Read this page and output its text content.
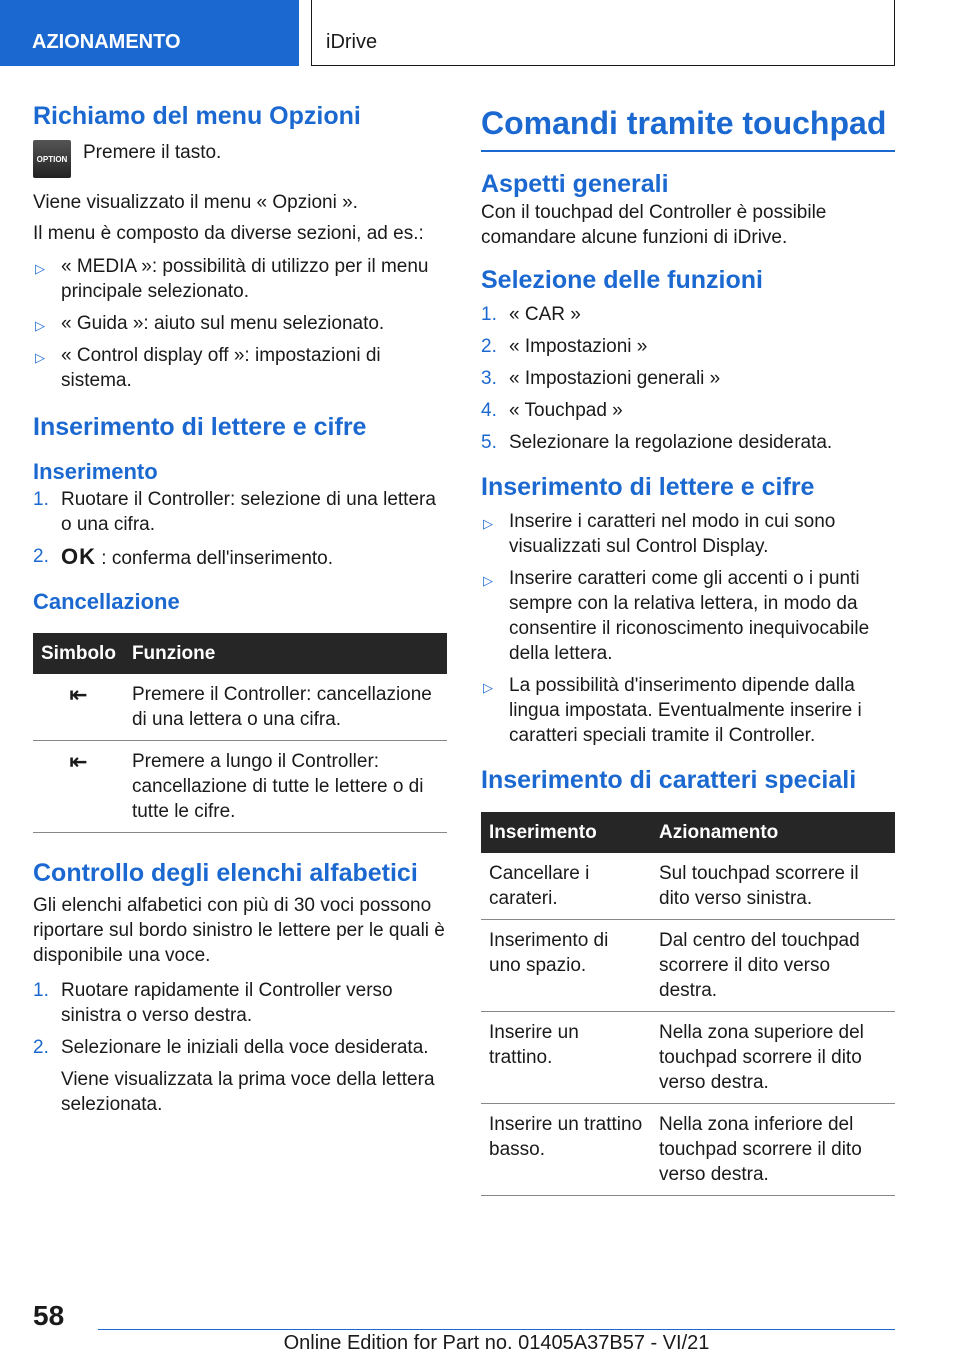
AZIONAMENTO	iDrive
Richiamo del menu Opzioni
OPTION Premere il tasto.

Viene visualizzato il menu « Opzioni ».

Il menu è composto da diverse sezioni, ad es.:

▷ « MEDIA »: possibilità di utilizzo per il menu principale selezionato.
▷ « Guida »: aiuto sul menu selezionato.
▷ « Control display off »: impostazioni di sistema.
Inserimento di lettere e cifre
Inserimento
1. Ruotare il Controller: selezione di una lettera o una cifra.
2. OK : conferma dell'inserimento.
Cancellazione
Simbolo	Funzione
⇤	Premere il Controller: cancellazione di una lettera o una cifra.
⇤	Premere a lungo il Controller: cancellazione di tutte le lettere o di tutte le cifre.
Controllo degli elenchi alfabetici

Gli elenchi alfabetici con più di 30 voci possono riportare sul bordo sinistro le lettere per le quali è disponibile una voce.

1. Ruotare rapidamente il Controller verso sinistra o verso destra.
2. Selezionare le iniziali della voce desiderata.

Viene visualizzata la prima voce della lettera selezionata.

Comandi tramite touchpad
Aspetti generali

Con il touchpad del Controller è possibile comandare alcune funzioni di iDrive.

Selezione delle funzioni
1. « CAR »
2. « Impostazioni »
3. « Impostazioni generali »
4. « Touchpad »
5. Selezionare la regolazione desiderata.
Inserimento di lettere e cifre
▷ Inserire i caratteri nel modo in cui sono visualizzati sul Control Display.
▷ Inserire caratteri come gli accenti o i punti sempre con la relativa lettera, in modo da consentire il riconoscimento inequivocabile della lettera.
▷ La possibilità d'inserimento dipende dalla lingua impostata. Eventualmente inserire i caratteri speciali tramite il Controller.
Inserimento di caratteri speciali
Inserimento	Azionamento
Cancellare i carateri.	Sul touchpad scorrere il dito verso sinistra.
Inserimento di uno spazio.	Dal centro del touchpad scorrere il dito verso destra.
Inserire un trattino.	Nella zona superiore del touchpad scorrere il dito verso destra.
Inserire un trattino basso.	Nella zona inferiore del touchpad scorrere il dito verso destra.
58
Online Edition for Part no. 01405A37B57 - VI/21
